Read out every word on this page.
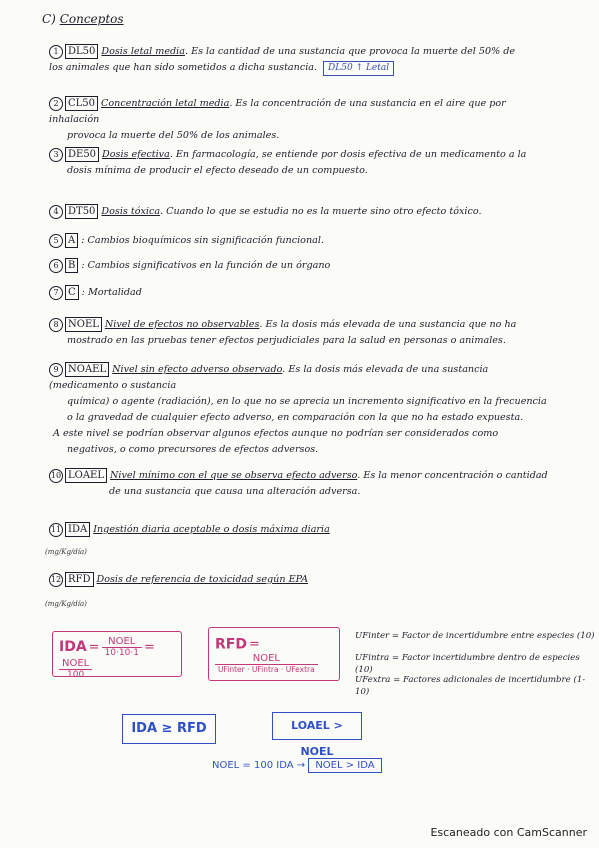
C) Conceptos
1 DL50 Dosis letal media. Es la cantidad de una sustancia que provoca la muerte del 50% de
los animales que han sido sometidos a dicha sustancia. DL50 ↑ Letal
2 CL50 Concentración letal media. Es la concentración de una sustancia en el aire que por inhalación
provoca la muerte del 50% de los animales.
3 DE50 Dosis efectiva. En farmacología, se entiende por dosis efectiva de un medicamento a la
dosis mínima de producir el efecto deseado de un compuesto.
4 DT50 Dosis tóxica. Cuando lo que se estudia no es la muerte sino otro efecto tóxico.
5 A : Cambios bioquímicos sin significación funcional.
6 B : Cambios significativos en la función de un órgano
7 C : Mortalidad
8 NOEL Nivel de efectos no observables. Es la dosis más elevada de una sustancia que no ha
mostrado en las pruebas tener efectos perjudiciales para la salud en personas o animales.
9 NOAEL Nivel sin efecto adverso observado. Es la dosis más elevada de una sustancia (medicamento o sustancia
química) o agente (radiación), en lo que no se aprecia un incremento significativo en la frecuencia
o la gravedad de cualquier efecto adverso, en comparación con la que no ha estado expuesta.
A este nivel se podrían observar algunos efectos aunque no podrían ser considerados como
negativos, o como precursores de efectos adversos.
10 LOAEL Nivel mínimo con el que se observa efecto adverso. Es la menor concentración o cantidad
de una sustancia que causa una alteración adversa.
11 IDA Ingestión diaria aceptable o dosis máxima diaria
(mg/Kg/día)
12 RFD Dosis de referencia de toxicidad según EPA
(mg/Kg/día)
IDA = $\frac{\text{NOEL}}{10\cdot 10\cdot 1}$ =
$\frac{\text{NOEL}}{100}$
RFD =
$\frac{\text{NOEL}}{\text{UFinter · UFintra · UFextra}}$
UFinter = Factor de incertidumbre entre especies (10)
UFintra = Factor incertidumbre dentro de especies (10)
UFextra = Factores adicionales de incertidumbre (1-10)
IDA ≥ RFD	LOAEL > NOEL
NOEL = 100 IDA → NOEL > IDA
Escaneado con CamScanner
